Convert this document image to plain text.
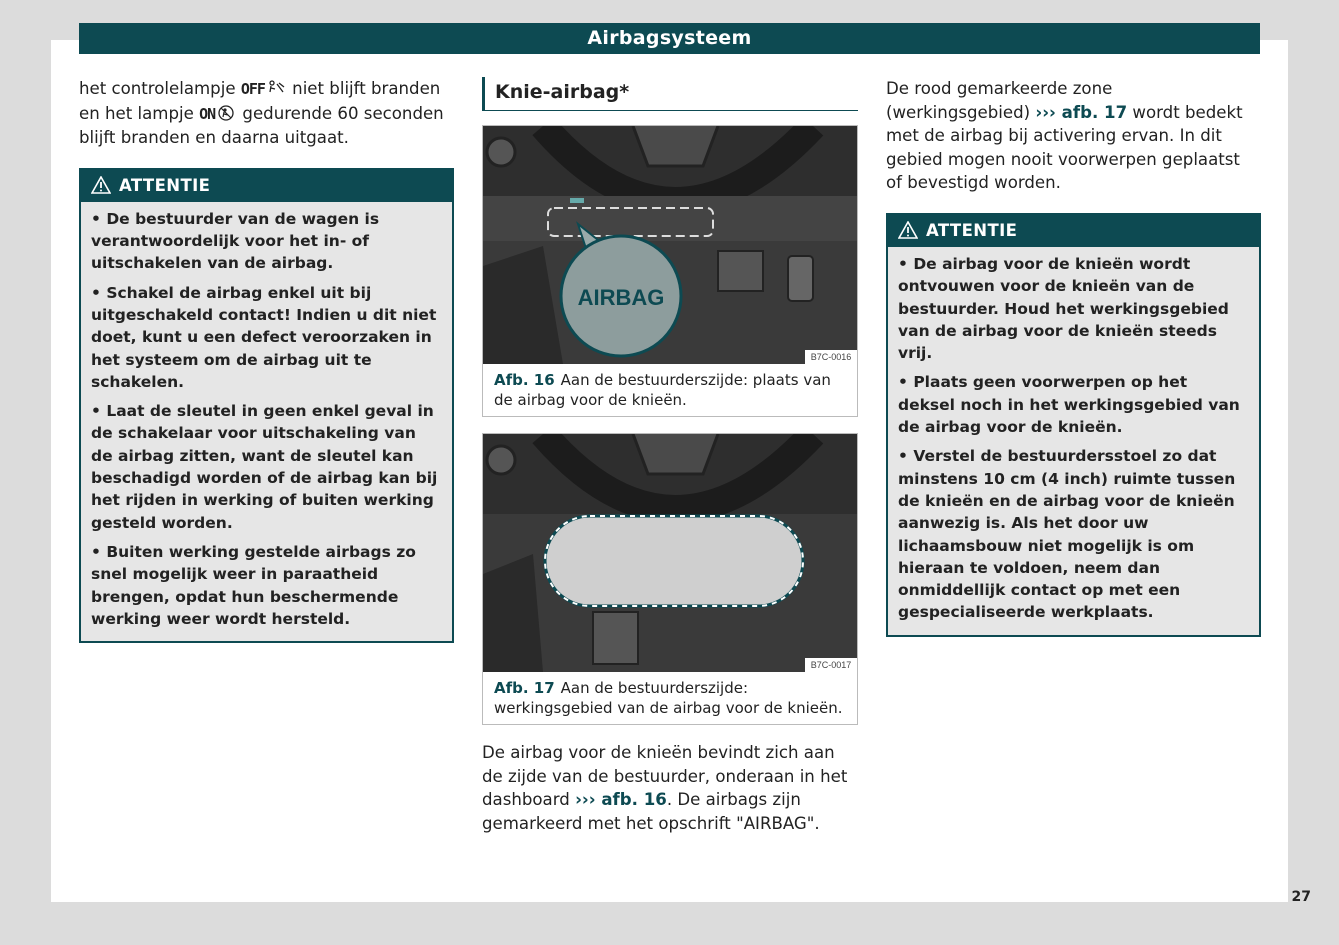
Airbagsysteem

het controlelampje OFF niet blijft branden en het lampje ON gedurende 60 seconden blijft branden en daarna uitgaat.

ATTENTIE
• De bestuurder van de wagen is verantwoordelijk voor het in- of uitschakelen van de airbag.
• Schakel de airbag enkel uit bij uitgeschakeld contact! Indien u dit niet doet, kunt u een defect veroorzaken in het systeem om de airbag uit te schakelen.
• Laat de sleutel in geen enkel geval in de schakelaar voor uitschakeling van de airbag zitten, want de sleutel kan beschadigd worden of de airbag kan bij het rijden in werking of buiten werking gesteld worden.
• Buiten werking gestelde airbags zo snel mogelijk weer in paraatheid brengen, opdat hun beschermende werking weer wordt hersteld.
Knie-airbag*
AIRBAG
B7C-0016
Afb. 16 Aan de bestuurderszijde: plaats van de airbag voor de knieën.
B7C-0017
Afb. 17 Aan de bestuurderszijde: werkingsgebied van de airbag voor de knieën.

De airbag voor de knieën bevindt zich aan de zijde van de bestuurder, onderaan in het dashboard ››› afb. 16. De airbags zijn gemarkeerd met het opschrift "AIRBAG".

De rood gemarkeerde zone (werkingsgebied) ››› afb. 17 wordt bedekt met de airbag bij activering ervan. In dit gebied mogen nooit voorwerpen geplaatst of bevestigd worden.

ATTENTIE
• De airbag voor de knieën wordt ontvouwen voor de knieën van de bestuurder. Houd het werkingsgebied van de airbag voor de knieën steeds vrij.
• Plaats geen voorwerpen op het deksel noch in het werkingsgebied van de airbag voor de knieën.
• Verstel de bestuurdersstoel zo dat minstens 10 cm (4 inch) ruimte tussen de knieën en de airbag voor de knieën aanwezig is. Als het door uw lichaamsbouw niet mogelijk is om hieraan te voldoen, neem dan onmiddellijk contact op met een gespecialiseerde werkplaats.
27
